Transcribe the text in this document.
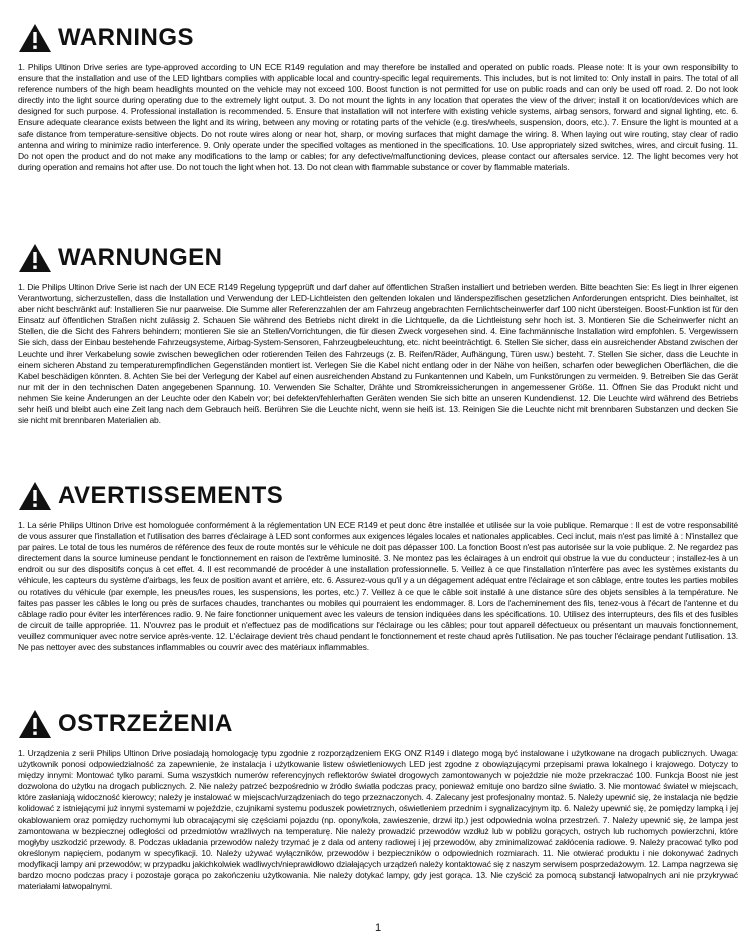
WARNINGS

1. Philips Ultinon Drive series are type-approved according to UN ECE R149 regulation and may therefore be installed and operated on public roads. Please note: It is your own responsibility to ensure that the installation and use of the LED lightbars complies with applicable local and country-specific legal requirements. This includes, but is not limited to: Only install in pairs. The total of all reference numbers of the high beam headlights mounted on the vehicle may not exceed 100. Boost function is not permitted for use on public roads and can only be used off road. 2. Do not look directly into the light source during operating due to the extremely light output. 3. Do not mount the lights in any location that operates the view of the driver; install it on location/devices which are designed for such purpose. 4. Professional installation is recommended. 5. Ensure that installation will not interfere with existing vehicle systems, airbag sensors, forward and signal lighting, etc. 6. Ensure adequate clearance exists between the light and its wiring, between any moving or rotating parts of the vehicle (e.g. tires/wheels, suspension, doors, etc.). 7. Ensure the light is mounted at a safe distance from temperature-sensitive objects. Do not route wires along or near hot, sharp, or moving surfaces that might damage the wiring. 8. When laying out wire routing, stay clear of radio antenna and wiring to minimize radio interference. 9. Only operate under the specified voltages as mentioned in the specifications. 10. Use appropriately sized switches, wires, and circuit fusing. 11. Do not open the product and do not make any modifications to the lamp or cables; for any defective/malfunctioning devices, please contact our aftersales service. 12. The light becomes very hot during operation and remains hot after use. Do not touch the light when hot. 13. Do not clean with flammable substance or cover by flammable materials.

WARNUNGEN

1. Die Philips Ultinon Drive Serie ist nach der UN ECE R149 Regelung typgeprüft und darf daher auf öffentlichen Straßen installiert und betrieben werden. Bitte beachten Sie: Es liegt in Ihrer eigenen Verantwortung, sicherzustellen, dass die Installation und Verwendung der LED-Lichtleisten den geltenden lokalen und länderspezifischen gesetzlichen Anforderungen entspricht. Dies beinhaltet, ist aber nicht beschränkt auf: Installieren Sie nur paarweise. Die Summe aller Referenzzahlen der am Fahrzeug angebrachten Fernlichtscheinwerfer darf 100 nicht übersteigen. Boost-Funktion ist für den Einsatz auf öffentlichen Straßen nicht zulässig 2. Schauen Sie während des Betriebs nicht direkt in die Lichtquelle, da die Lichtleistung sehr hoch ist. 3. Montieren Sie die Scheinwerfer nicht an Stellen, die die Sicht des Fahrers behindern; montieren Sie sie an Stellen/Vorrichtungen, die für diesen Zweck vorgesehen sind. 4. Eine fachmännische Installation wird empfohlen. 5. Vergewissern Sie sich, dass der Einbau bestehende Fahrzeugsysteme, Airbag-System-Sensoren, Fahrzeugbeleuchtung, etc. nicht beeinträchtigt. 6. Stellen Sie sicher, dass ein ausreichender Abstand zwischen der Leuchte und ihrer Verkabelung sowie zwischen beweglichen oder rotierenden Teilen des Fahrzeugs (z. B. Reifen/Räder, Aufhängung, Türen usw.) besteht. 7. Stellen Sie sicher, dass die Leuchte in einem sicheren Abstand zu temperaturempfindlichen Gegenständen montiert ist. Verlegen Sie die Kabel nicht entlang oder in der Nähe von heißen, scharfen oder beweglichen Oberflächen, die die Kabel beschädigen könnten. 8. Achten Sie bei der Verlegung der Kabel auf einen ausreichenden Abstand zu Funkantennen und Kabeln, um Funkstörungen zu vermeiden. 9. Betreiben Sie das Gerät nur mit der in den technischen Daten angegebenen Spannung. 10. Verwenden Sie Schalter, Drähte und Stromkreissicherungen in angemessener Größe. 11. Öffnen Sie das Produkt nicht und nehmen Sie keine Änderungen an der Leuchte oder den Kabeln vor; bei defekten/fehlerhaften Geräten wenden Sie sich bitte an unseren Kundendienst. 12. Die Leuchte wird während des Betriebs sehr heiß und bleibt auch eine Zeit lang nach dem Gebrauch heiß. Berühren Sie die Leuchte nicht, wenn sie heiß ist. 13. Reinigen Sie die Leuchte nicht mit brennbaren Substanzen und decken Sie sie nicht mit brennbaren Materialien ab.

AVERTISSEMENTS

1. La série Philips Ultinon Drive est homologuée conformément à la réglementation UN ECE R149 et peut donc être installée et utilisée sur la voie publique. Remarque : Il est de votre responsabilité de vous assurer que l'installation et l'utilisation des barres d'éclairage à LED sont conformes aux exigences légales locales et nationales applicables. Ceci inclut, mais n'est pas limité à : N'installez que par paires. Le total de tous les numéros de référence des feux de route montés sur le véhicule ne doit pas dépasser 100. La fonction Boost n'est pas autorisée sur la voie publique. 2. Ne regardez pas directement dans la source lumineuse pendant le fonctionnement en raison de l'extrême luminosité. 3. Ne montez pas les éclairages à un endroit qui obstrue la vue du conducteur ; installez-les à un endroit ou sur des dispositifs conçus à cet effet. 4. Il est recommandé de procéder à une installation professionnelle. 5. Veillez à ce que l'installation n'interfère pas avec les systèmes existants du véhicule, les capteurs du système d'airbags, les feux de position avant et arrière, etc. 6. Assurez-vous qu'il y a un dégagement adéquat entre l'éclairage et son câblage, entre toutes les parties mobiles ou rotatives du véhicule (par exemple, les pneus/les roues, les suspensions, les portes, etc.) 7. Veillez à ce que le câble soit installé à une distance sûre des objets sensibles à la température. Ne faites pas passer les câbles le long ou près de surfaces chaudes, tranchantes ou mobiles qui pourraient les endommager. 8. Lors de l'acheminement des fils, tenez-vous à l'écart de l'antenne et du câblage radio pour éviter les interférences radio. 9. Ne faire fonctionner uniquement avec les valeurs de tension indiquées dans les spécifications. 10. Utilisez des interrupteurs, des fils et des fusibles de circuit de taille appropriée. 11. N'ouvrez pas le produit et n'effectuez pas de modifications sur l'éclairage ou les câbles; pour tout appareil défectueux ou présentant un mauvais fonctionnement, veuillez communiquer avec notre service après-vente. 12. L'éclairage devient très chaud pendant le fonctionnement et reste chaud après l'utilisation. Ne pas toucher l'éclairage pendant l'utilisation. 13. Ne pas nettoyer avec des substances inflammables ou couvrir avec des matériaux inflammables.

OSTRZEŻENIA

1. Urządzenia z serii Philips Ultinon Drive posiadają homologację typu zgodnie z rozporządzeniem EKG ONZ R149 i dlatego mogą być instalowane i użytkowane na drogach publicznych. Uwaga: użytkownik ponosi odpowiedzialność za zapewnienie, że instalacja i użytkowanie listew oświetleniowych LED jest zgodne z obowiązującymi przepisami prawa lokalnego i krajowego. Dotyczy to między innymi: Montować tylko parami. Suma wszystkich numerów referencyjnych reflektorów świateł drogowych zamontowanych w pojeździe nie może przekraczać 100. Funkcja Boost nie jest dozwolona do użytku na drogach publicznych. 2. Nie należy patrzeć bezpośrednio w źródło światła podczas pracy, ponieważ emituje ono bardzo silne światło. 3. Nie montować świateł w miejscach, które zasłaniają widoczność kierowcy; należy je instalować w miejscach/urządzeniach do tego przeznaczonych. 4. Zalecany jest profesjonalny montaż. 5. Należy upewnić się, że instalacja nie będzie kolidować z istniejącymi już innymi systemami w pojeździe, czujnikami systemu poduszek powietrznych, oświetleniem przednim i sygnalizacyjnym itp. 6. Należy upewnić się, że pomiędzy lampką i jej okablowaniem oraz pomiędzy ruchomymi lub obracającymi się częściami pojazdu (np. opony/koła, zawieszenie, drzwi itp.) jest odpowiednia wolna przestrzeń. 7. Należy upewnić się, że lampa jest zamontowana w bezpiecznej odległości od przedmiotów wrażliwych na temperaturę. Nie należy prowadzić przewodów wzdłuż lub w pobliżu gorących, ostrych lub ruchomych powierzchni, które mogłyby uszkodzić przewody. 8. Podczas układania przewodów należy trzymać je z dala od anteny radiowej i jej przewodów, aby zminimalizować zakłócenia radiowe. 9. Należy pracować tylko pod określonym napięciem, podanym w specyfikacji. 10. Należy używać wyłączników, przewodów i bezpieczników o odpowiednich rozmiarach. 11. Nie otwierać produktu i nie dokonywać żadnych modyfikacji lampy ani przewodów; w przypadku jakichkolwiek wadliwych/nieprawidłowo działających urządzeń należy kontaktować się z naszym serwisem posprzedażowym. 12. Lampa nagrzewa się bardzo mocno podczas pracy i pozostaje gorąca po zakończeniu użytkowania. Nie należy dotykać lampy, gdy jest gorąca. 13. Nie czyścić za pomocą substancji łatwopalnych ani nie przykrywać materiałami łatwopalnymi.

1
